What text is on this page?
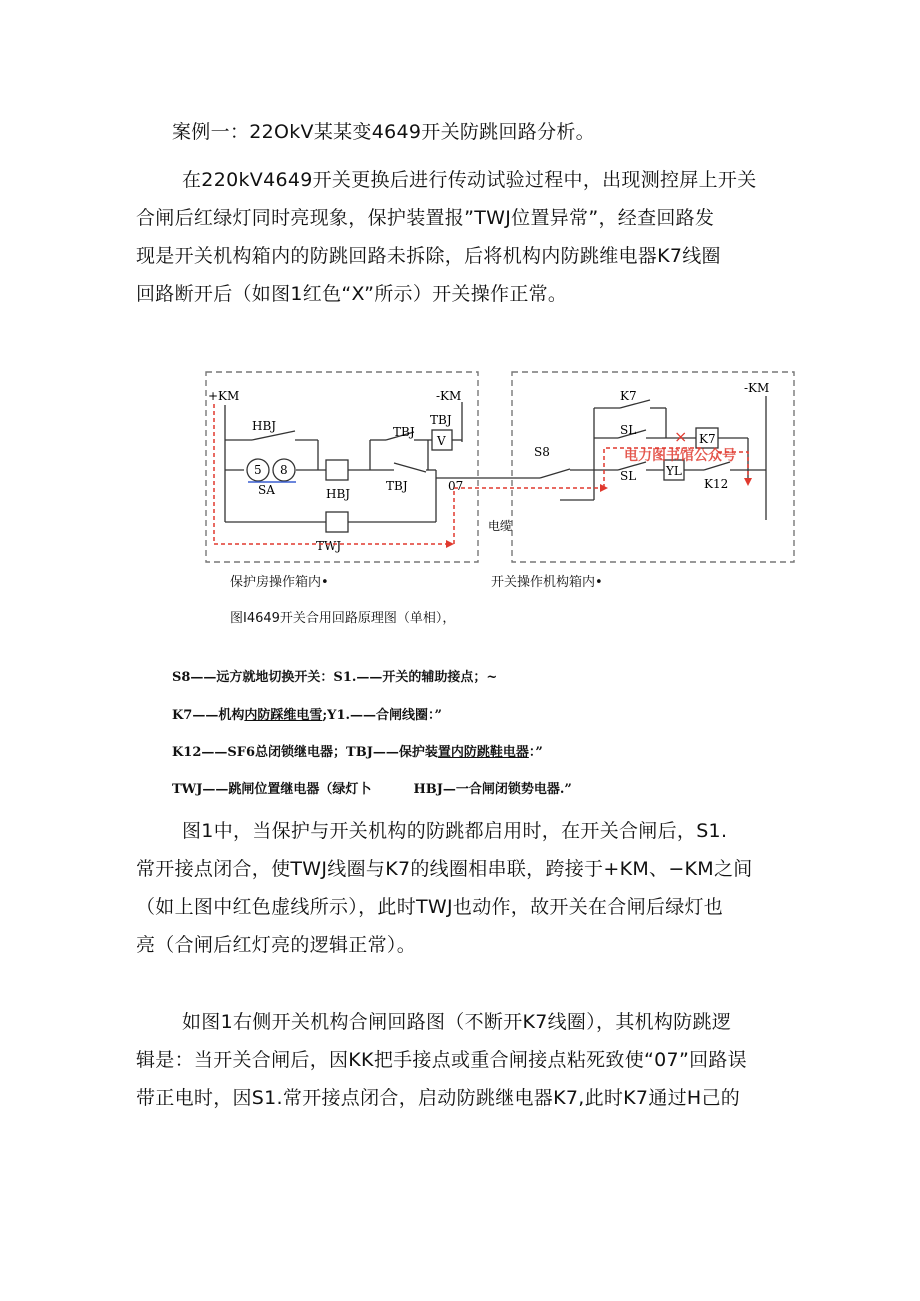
案例一：22OkV某某变4649开关防跳回路分析。

在220kV4649开关更换后进行传动试验过程中，出现测控屏上开关
合闸后红绿灯同时亮现象，保护装置报”TWJ位置异常”，经查回路发
现是开关机构箱内的防跳回路未拆除，后将机构内防跳维电器K7线圈
回路断开后（如图1红色“X”所示）开关操作正常。
+KM	-KM
HBJ	TBJ
TBJ
V
5 8
SA	HBJ
TBJ
TWJ
07
电缆
-KM
K7
SL
K7
S8
SL YL
K12
×
电力图书馆公众号
保护房操作箱内•	开关操作机构箱内•
图I4649开关合用回路原理图（单相），
S8——远方就地切换开关：S1.——开关的辅助接点；~
K7——机构内防踩维电雪;Y1.——合闸线圈：”
K12——SF6总闭锁继电器；TBJ——保护装置内防跳鞋电器：”
TWJ——跳闸位置继电器（绿灯卜	HBJ—一合闸闭锁势电器.”
图1中，当保护与开关机构的防跳都启用时，在开关合闸后，S1.
常开接点闭合，使TWJ线圈与K7的线圈相串联，跨接于+KM、−KM之间
（如上图中红色虚线所示），此时TWJ也动作，故开关在合闸后绿灯也
亮（合闸后红灯亮的逻辑正常）。
如图1右侧开关机构合闸回路图（不断开K7线圈），其机构防跳逻
辑是：当开关合闸后，因KK把手接点或重合闸接点粘死致使“07”回路误
带正电时，因S1.常开接点闭合，启动防跳继电器K7,此时K7通过H己的
